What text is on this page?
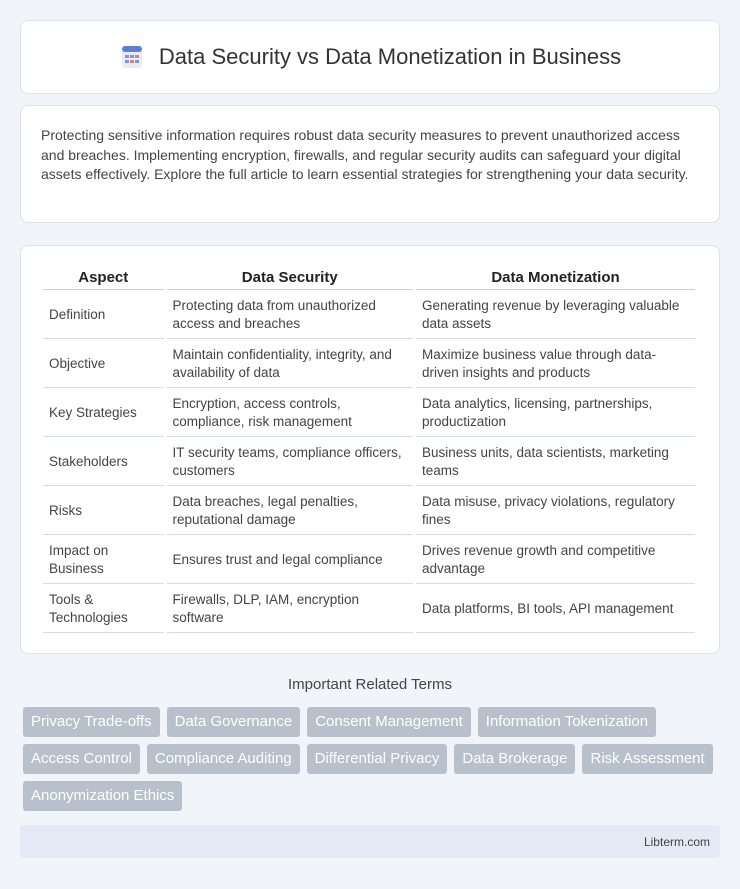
Data Security vs Data Monetization in Business

Protecting sensitive information requires robust data security measures to prevent unauthorized access and breaches. Implementing encryption, firewalls, and regular security audits can safeguard your digital assets effectively. Explore the full article to learn essential strategies for strengthening your data security.

Aspect	Data Security	Data Monetization
Definition	Protecting data from unauthorized access and breaches	Generating revenue by leveraging valuable data assets
Objective	Maintain confidentiality, integrity, and availability of data	Maximize business value through data-driven insights and products
Key Strategies	Encryption, access controls, compliance, risk management	Data analytics, licensing, partnerships, productization
Stakeholders	IT security teams, compliance officers, customers	Business units, data scientists, marketing teams
Risks	Data breaches, legal penalties, reputational damage	Data misuse, privacy violations, regulatory fines
Impact on Business	Ensures trust and legal compliance	Drives revenue growth and competitive advantage
Tools & Technologies	Firewalls, DLP, IAM, encryption software	Data platforms, BI tools, API management
Important Related Terms
Privacy Trade-offs	Data Governance	Consent Management	Information Tokenization
Access Control	Compliance Auditing	Differential Privacy	Data Brokerage	Risk Assessment
Anonymization Ethics
Libterm.com
